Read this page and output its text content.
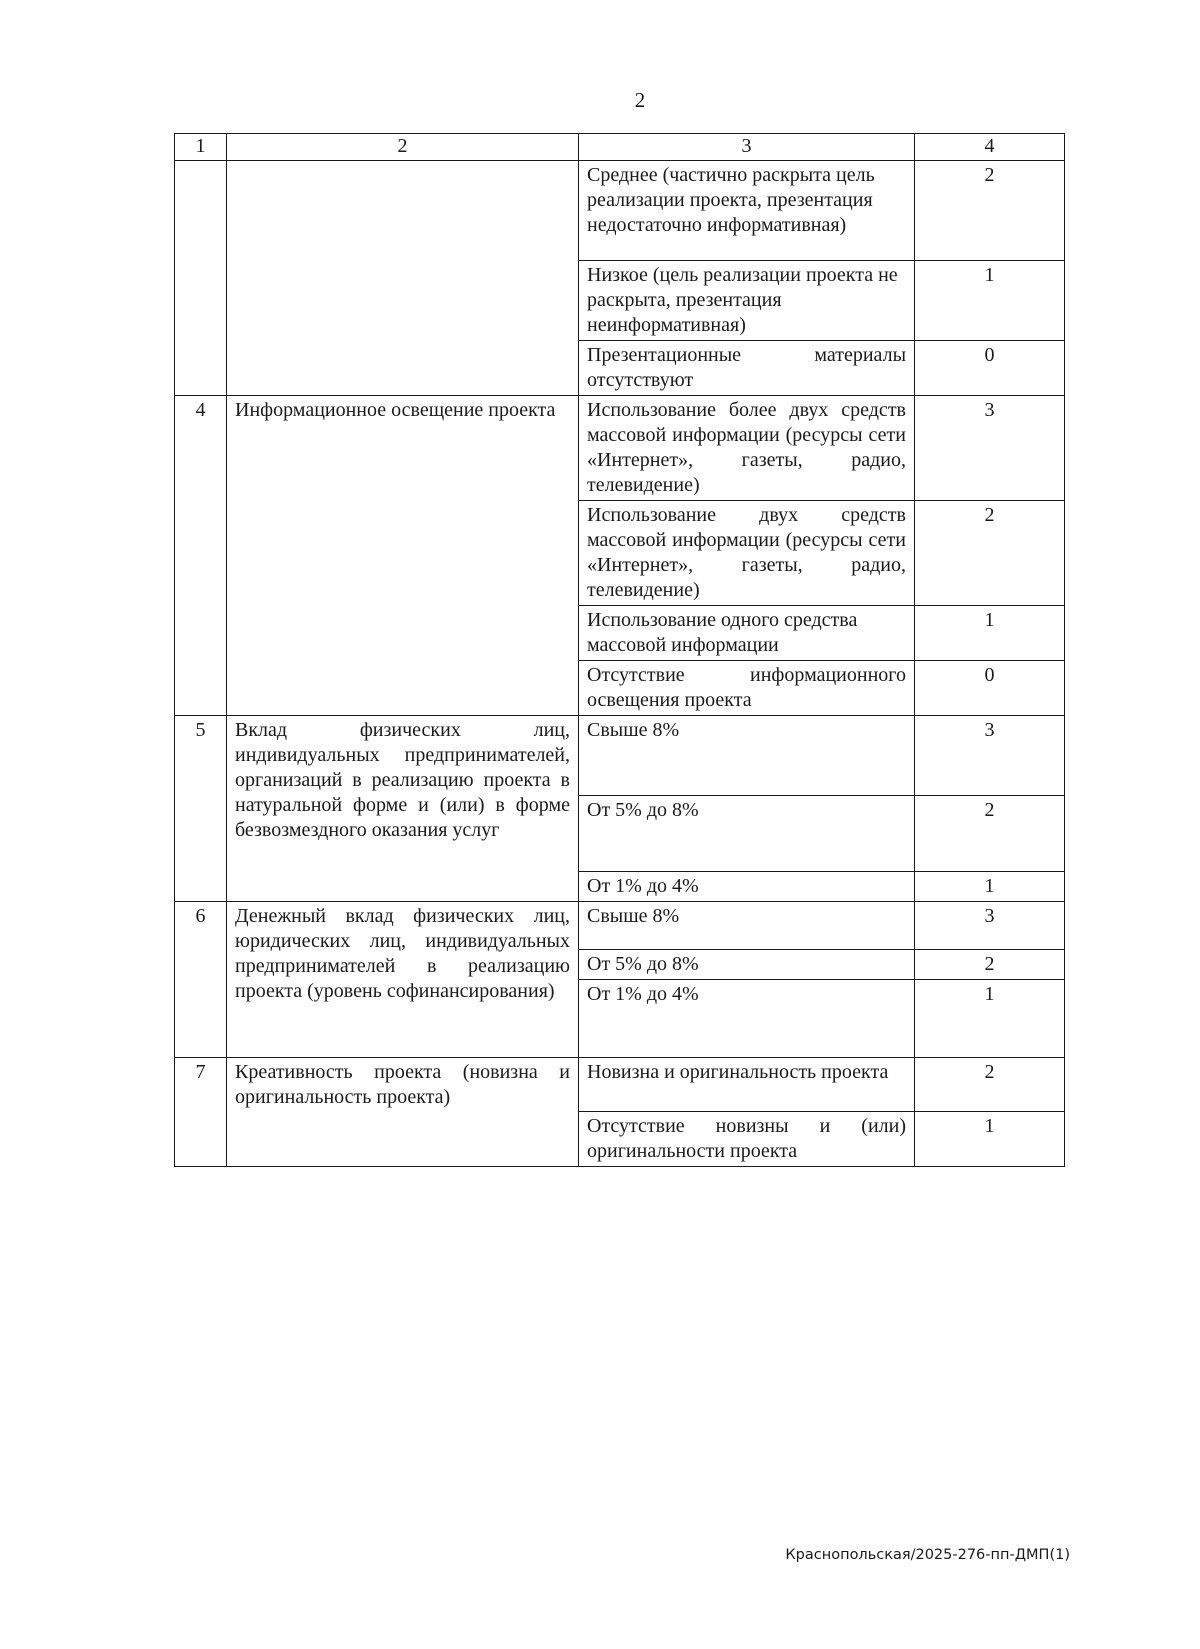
2
1	2	3	4
		Среднее (частично раскрыта цель реализации проекта, презентация недостаточно информативная)	2
		Низкое (цель реализации проекта не раскрыта, презентация неинформативная)	1
		Презентационные материалы отсутствуют	0
4	Информационное освещение проекта	Использование более двух средств массовой информации (ресурсы сети «Интернет», газеты, радио, телевидение)	3
		Использование двух средств массовой информации (ресурсы сети «Интернет», газеты, радио, телевидение)	2
		Использование одного средства массовой информации	1
		Отсутствие информационного освещения проекта	0
5	Вклад физических лиц, индивидуальных предпринимателей, организаций в реализацию проекта в натуральной форме и (или) в форме безвозмездного оказания услуг	Свыше 8%	3
		От 5% до 8%	2
		От 1% до 4%	1
6	Денежный вклад физических лиц, юридических лиц, индивидуальных предпринимателей в реализацию проекта (уровень софинансирования)	Свыше 8%	3
		От 5% до 8%	2
		От 1% до 4%	1
7	Креативность проекта (новизна и оригинальность проекта)	Новизна и оригинальность проекта	2
		Отсутствие новизны и (или) оригинальности проекта	1
Краснопольская/2025-276-пп-ДМП(1)
